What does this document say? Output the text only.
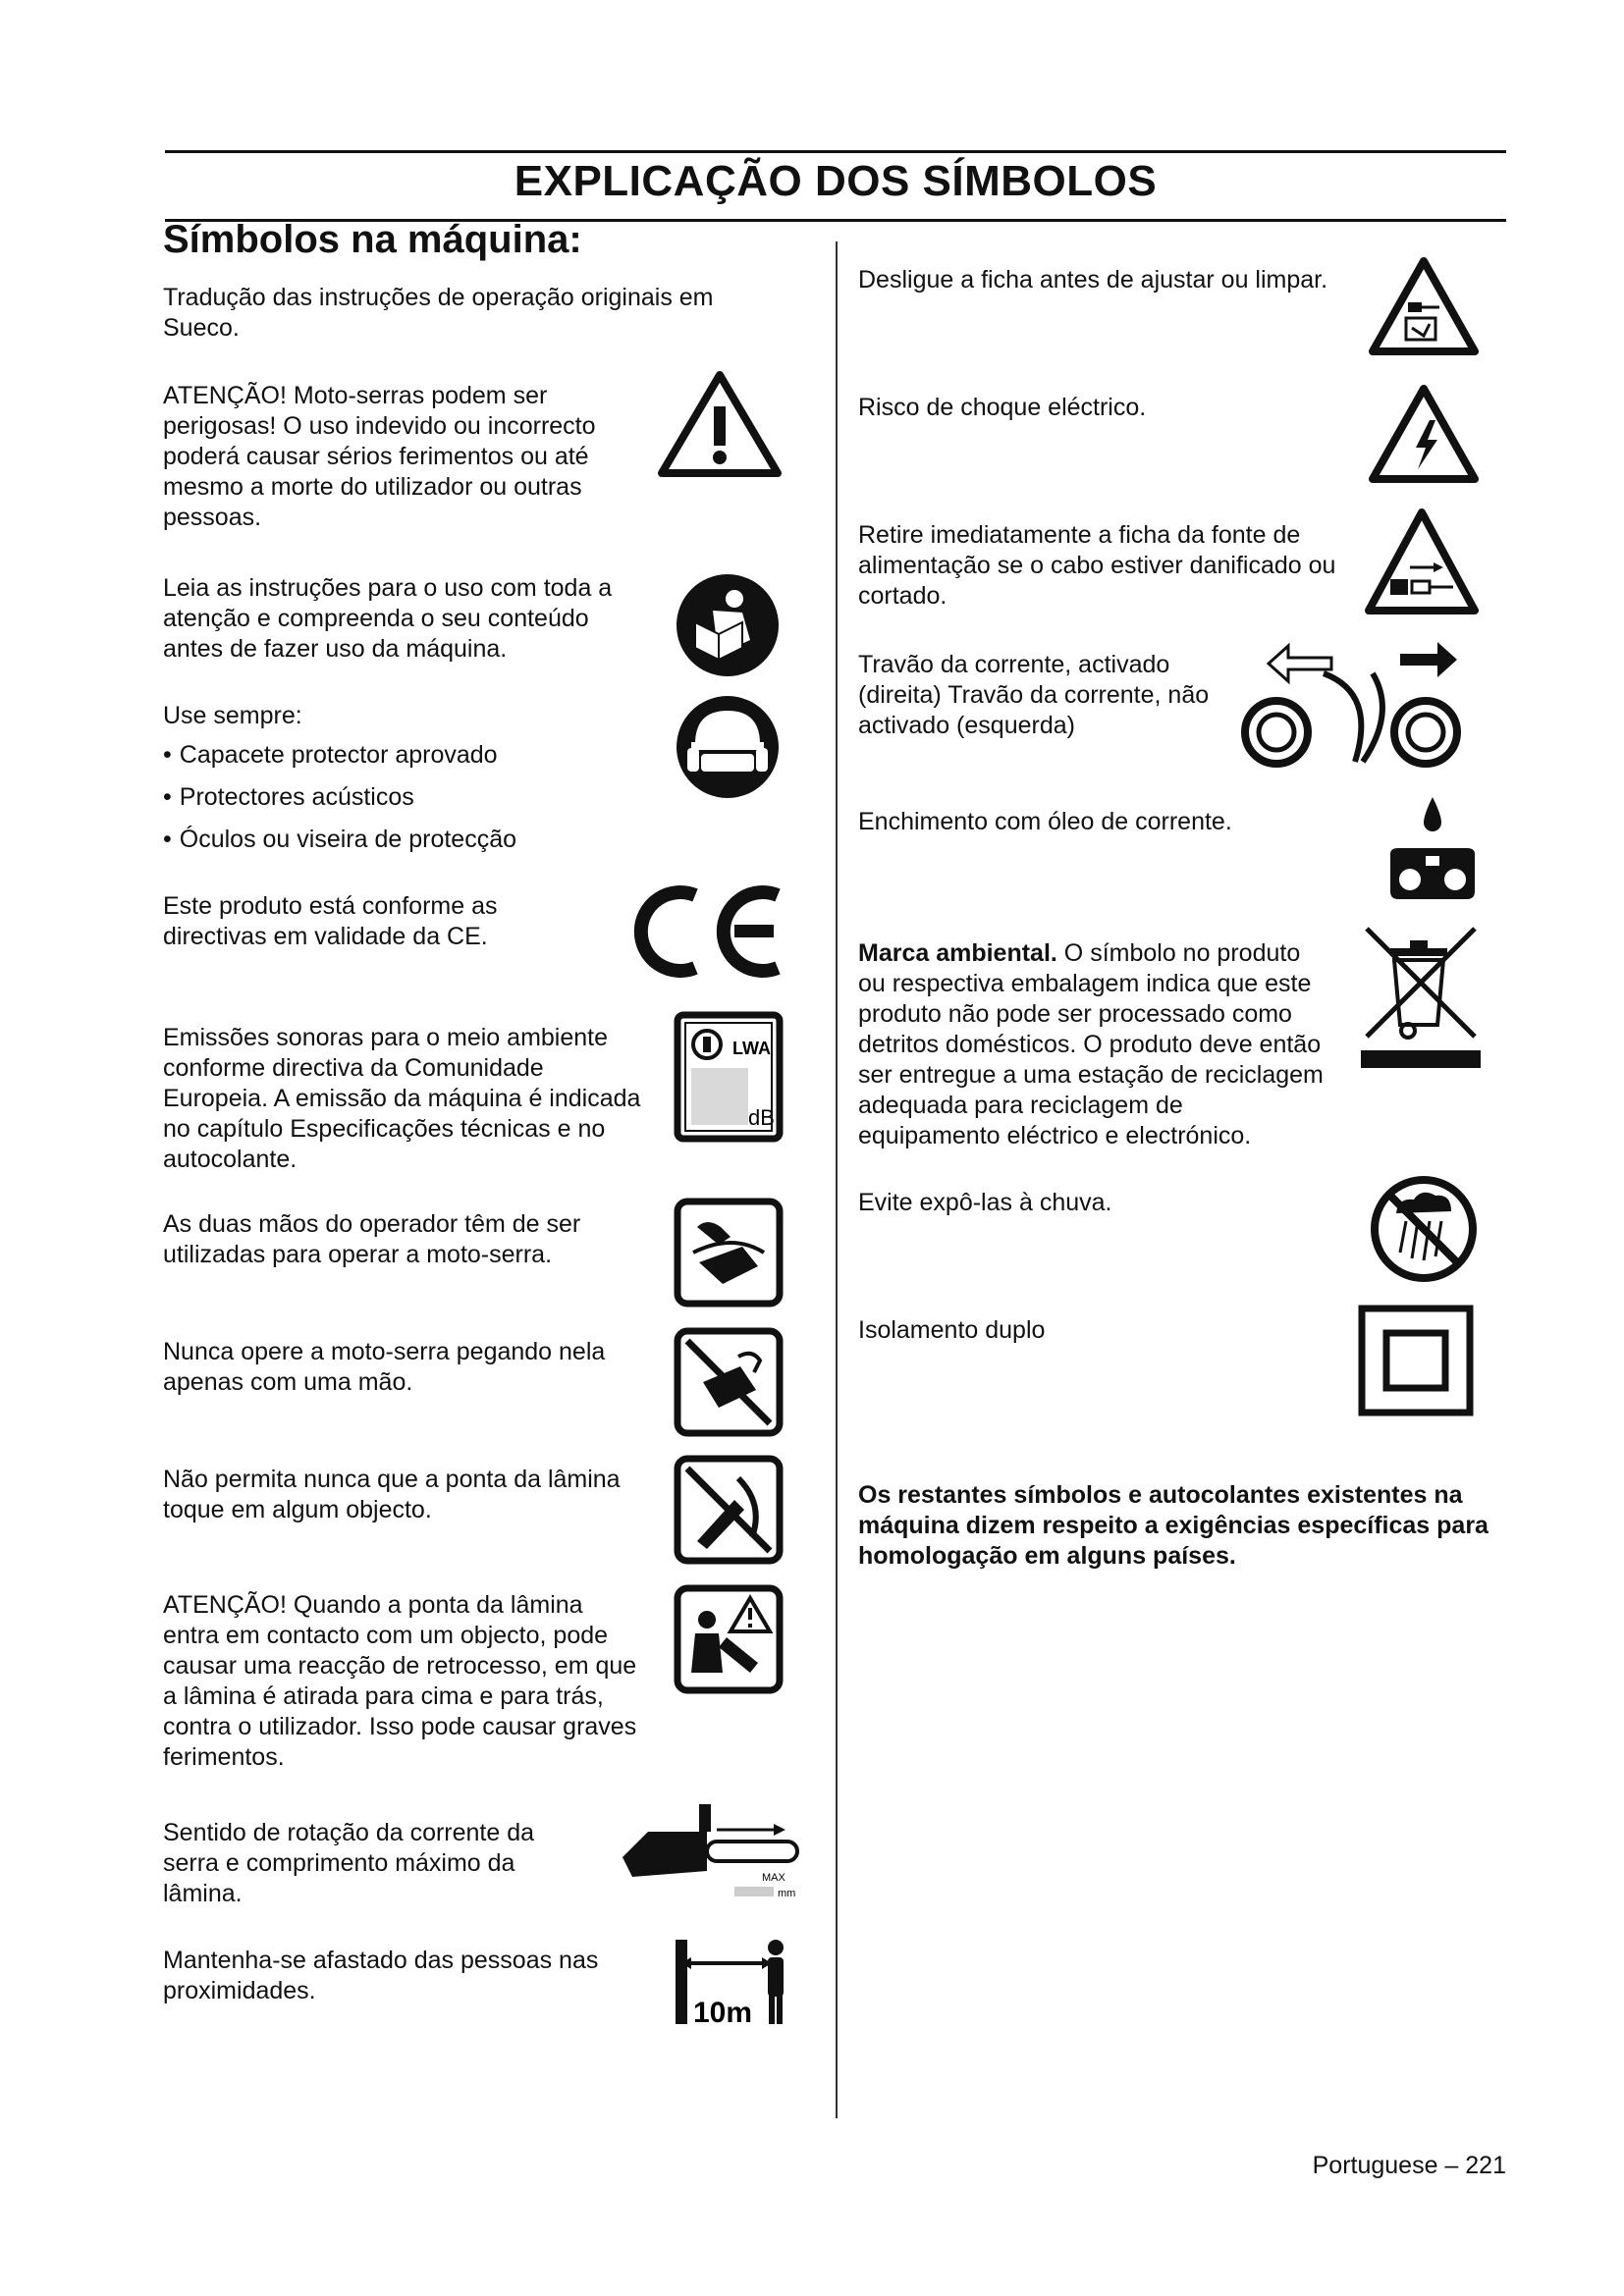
EXPLICAÇÃO DOS SÍMBOLOS
Símbolos na máquina:
Tradução das instruções de operação originais em Sueco.
ATENÇÃO! Moto-serras podem ser perigosas! O uso indevido ou incorrecto poderá causar sérios ferimentos ou até mesmo a morte do utilizador ou outras pessoas.
Leia as instruções para o uso com toda a atenção e compreenda o seu conteúdo antes de fazer uso da máquina.
Use sempre:
• Capacete protector aprovado
• Protectores acústicos
• Óculos ou viseira de protecção
Este produto está conforme as directivas em validade da CE.
Emissões sonoras para o meio ambiente conforme directiva da Comunidade Europeia. A emissão da máquina é indicada no capítulo Especificações técnicas e no autocolante.
LWA
dB
As duas mãos do operador têm de ser utilizadas para operar a moto-serra.
Nunca opere a moto-serra pegando nela apenas com uma mão.
Não permita nunca que a ponta da lâmina toque em algum objecto.
ATENÇÃO! Quando a ponta da lâmina entra em contacto com um objecto, pode causar uma reacção de retrocesso, em que a lâmina é atirada para cima e para trás, contra o utilizador. Isso pode causar graves ferimentos.
Sentido de rotação da corrente da serra e comprimento máximo da lâmina.
MAX
mm
Mantenha-se afastado das pessoas nas proximidades.
10m
Desligue a ficha antes de ajustar ou limpar.
Risco de choque eléctrico.
Retire imediatamente a ficha da fonte de alimentação se o cabo estiver danificado ou cortado.
Travão da corrente, activado (direita) Travão da corrente, não activado (esquerda)
Enchimento com óleo de corrente.
Marca ambiental. O símbolo no produto ou respectiva embalagem indica que este produto não pode ser processado como detritos domésticos. O produto deve então ser entregue a uma estação de reciclagem adequada para reciclagem de equipamento eléctrico e electrónico.
Evite expô-las à chuva.
Isolamento duplo
Os restantes símbolos e autocolantes existentes na máquina dizem respeito a exigências específicas para homologação em alguns países.
Portuguese – 221
